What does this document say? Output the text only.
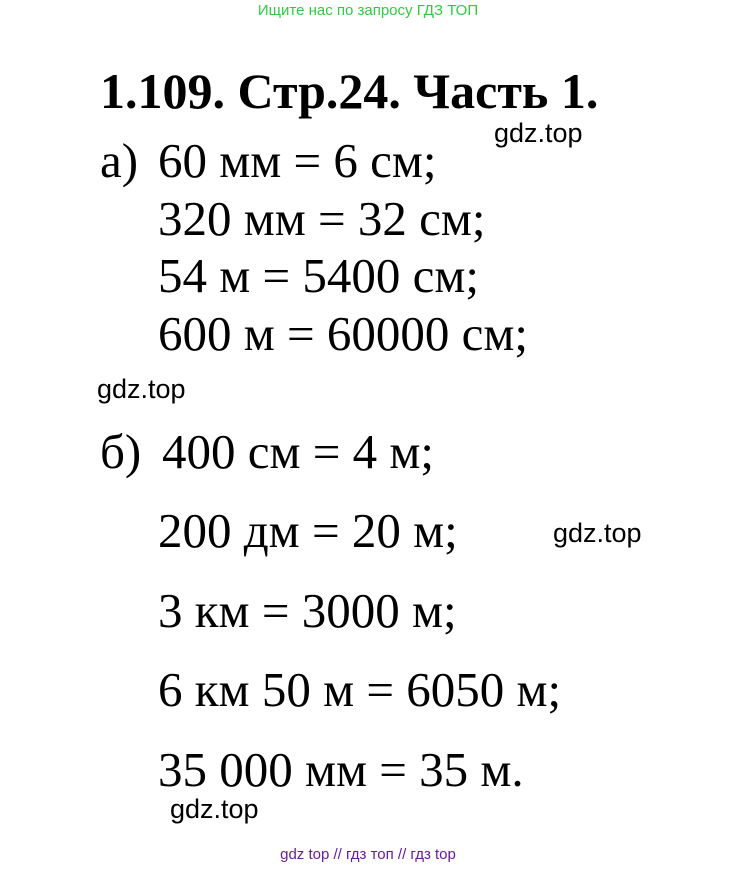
Ищите нас по запросу ГДЗ ТОП
1.109. Стр.24. Часть 1.
а) 60 мм = 6 см;
320 мм = 32 см;
54 м = 5400 см;
600 м = 60000 см;
б) 400 см = 4 м;
200 дм = 20 м;
3 км = 3000 м;
6 км 50 м = 6050 м;
35 000 мм = 35 м.
gdz.top
gdz.top
gdz.top
gdz.top
gdz top // гдз топ // гдз top
